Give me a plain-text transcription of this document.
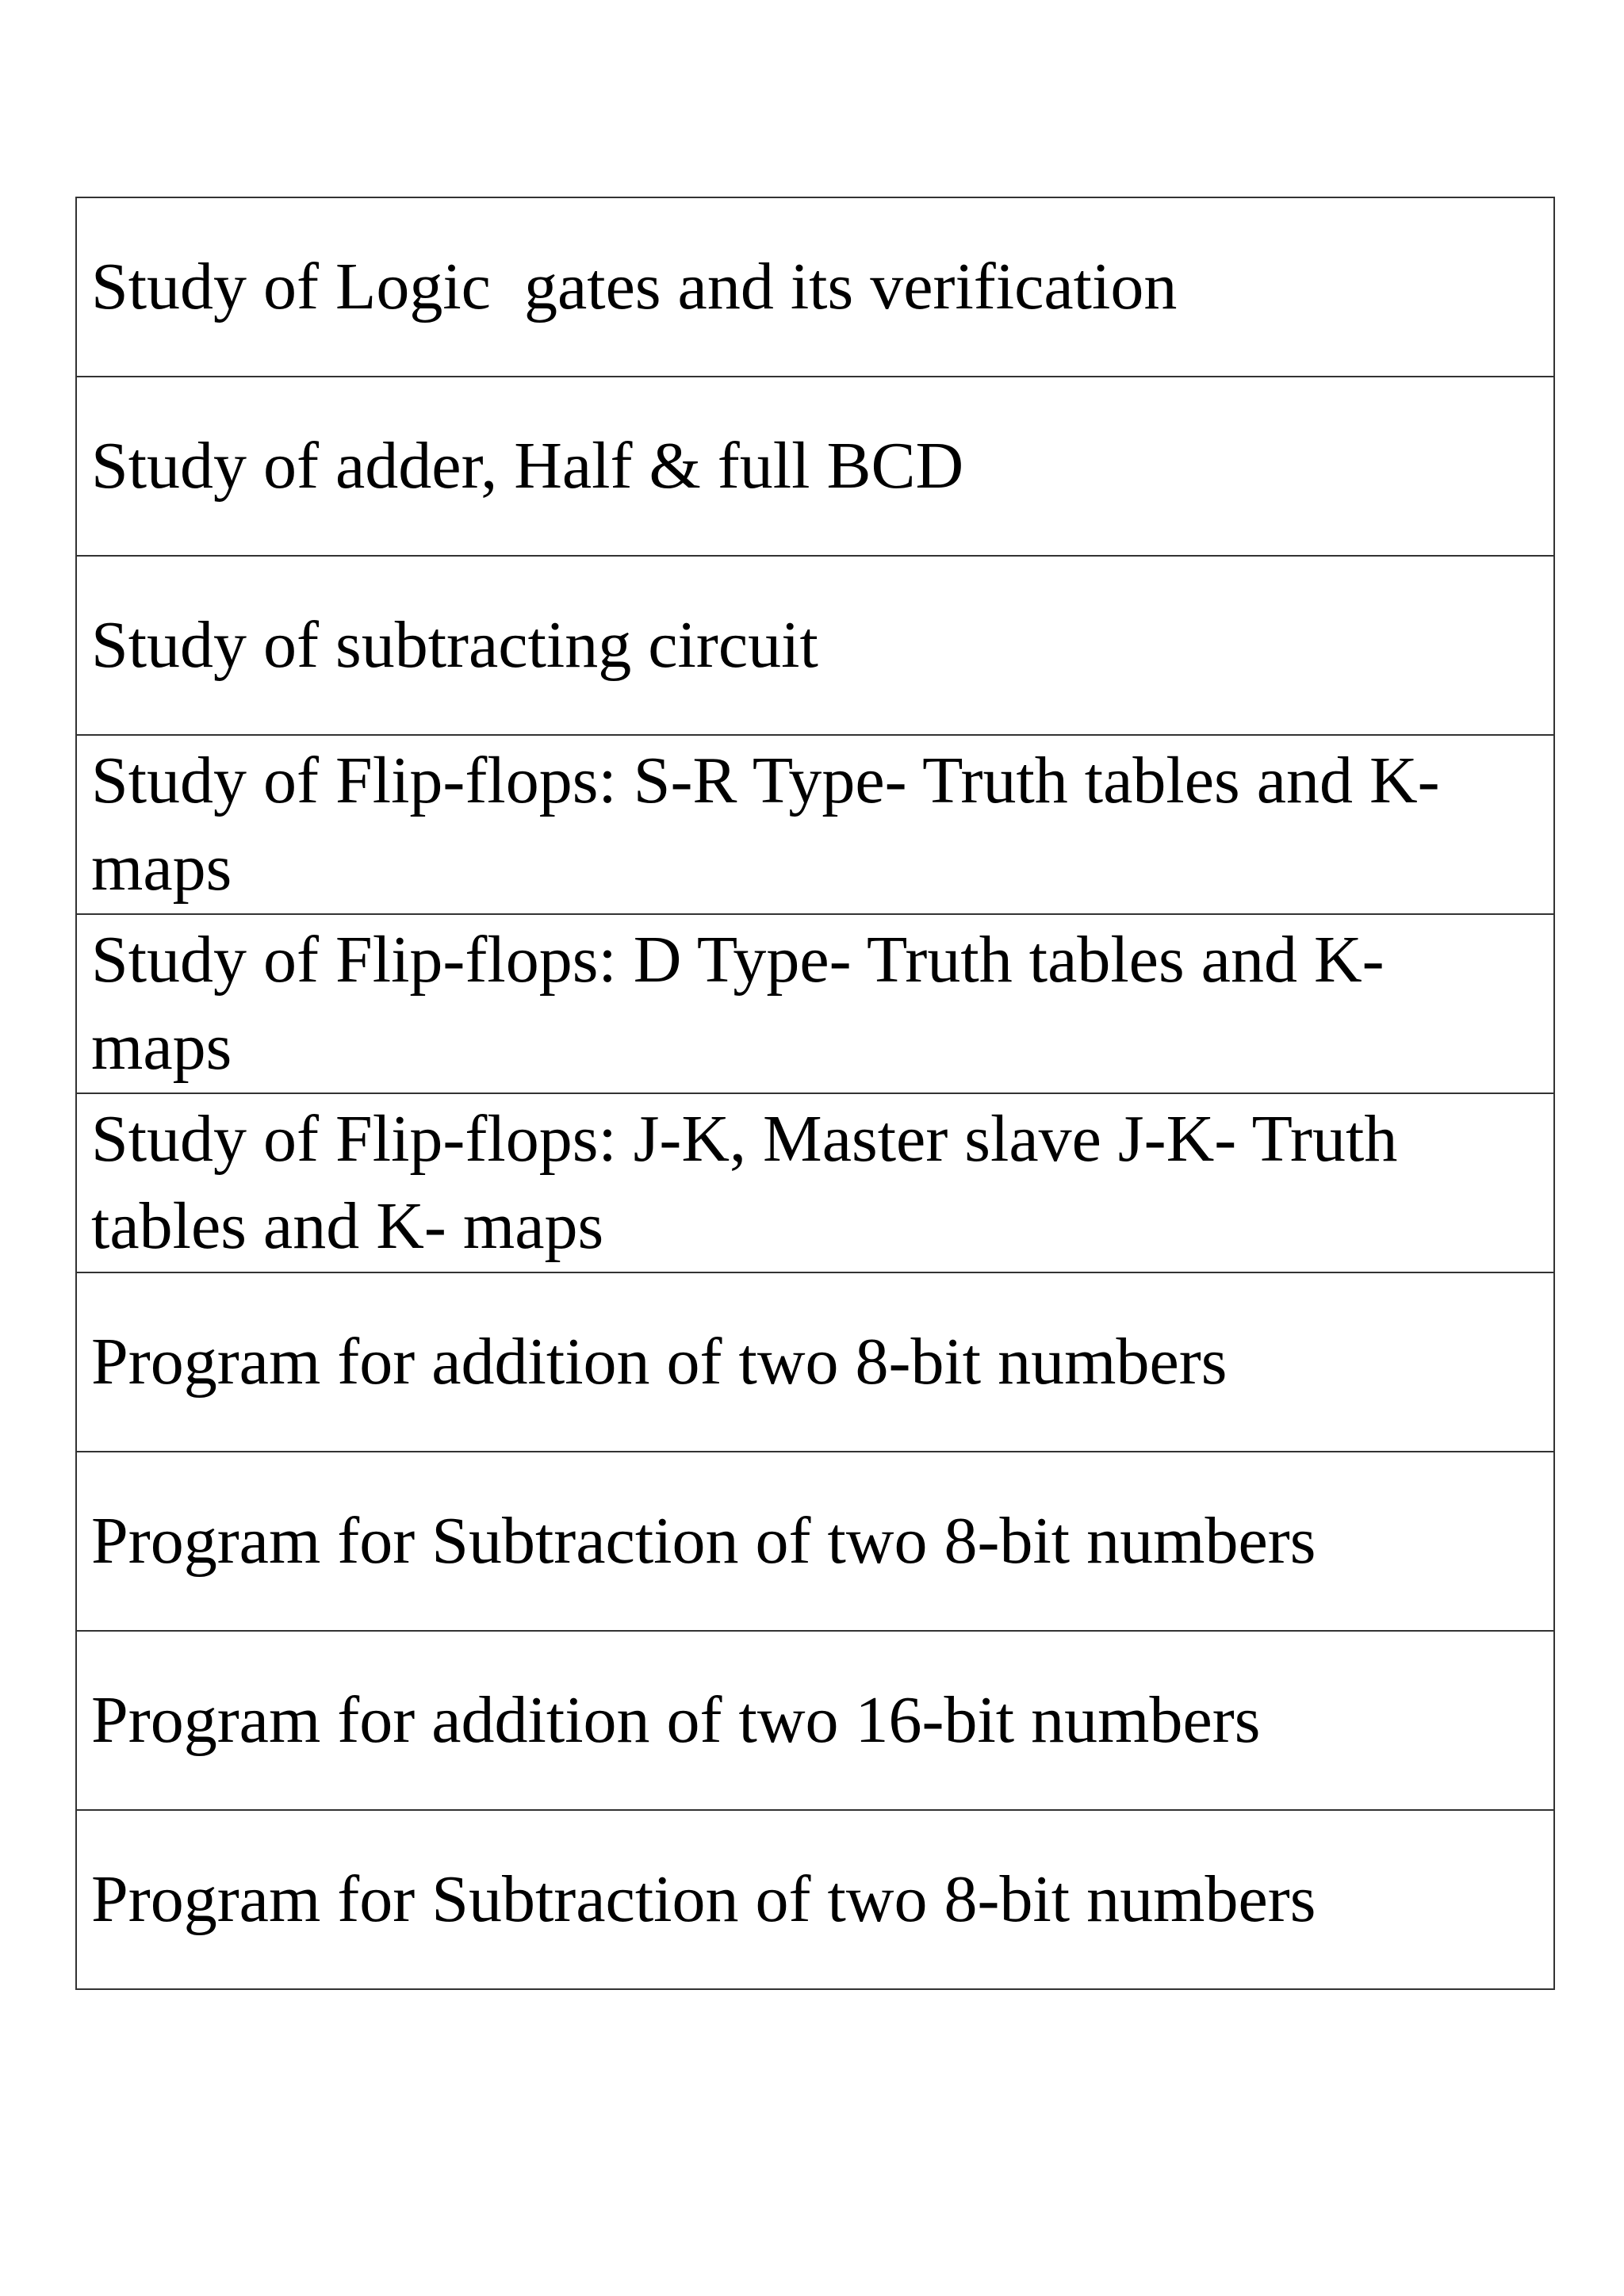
Study of Logic  gates and its verification
Study of adder, Half & full BCD
Study of subtracting circuit
Study of Flip-flops: S-R Type- Truth tables and K- maps
Study of Flip-flops: D Type- Truth tables and K- maps
Study of Flip-flops: J-K, Master slave J-K- Truth tables and K- maps
Program for addition of two 8-bit numbers
Program for Subtraction of two 8-bit numbers
Program for addition of two 16-bit numbers
Program for Subtraction of two 8-bit numbers
